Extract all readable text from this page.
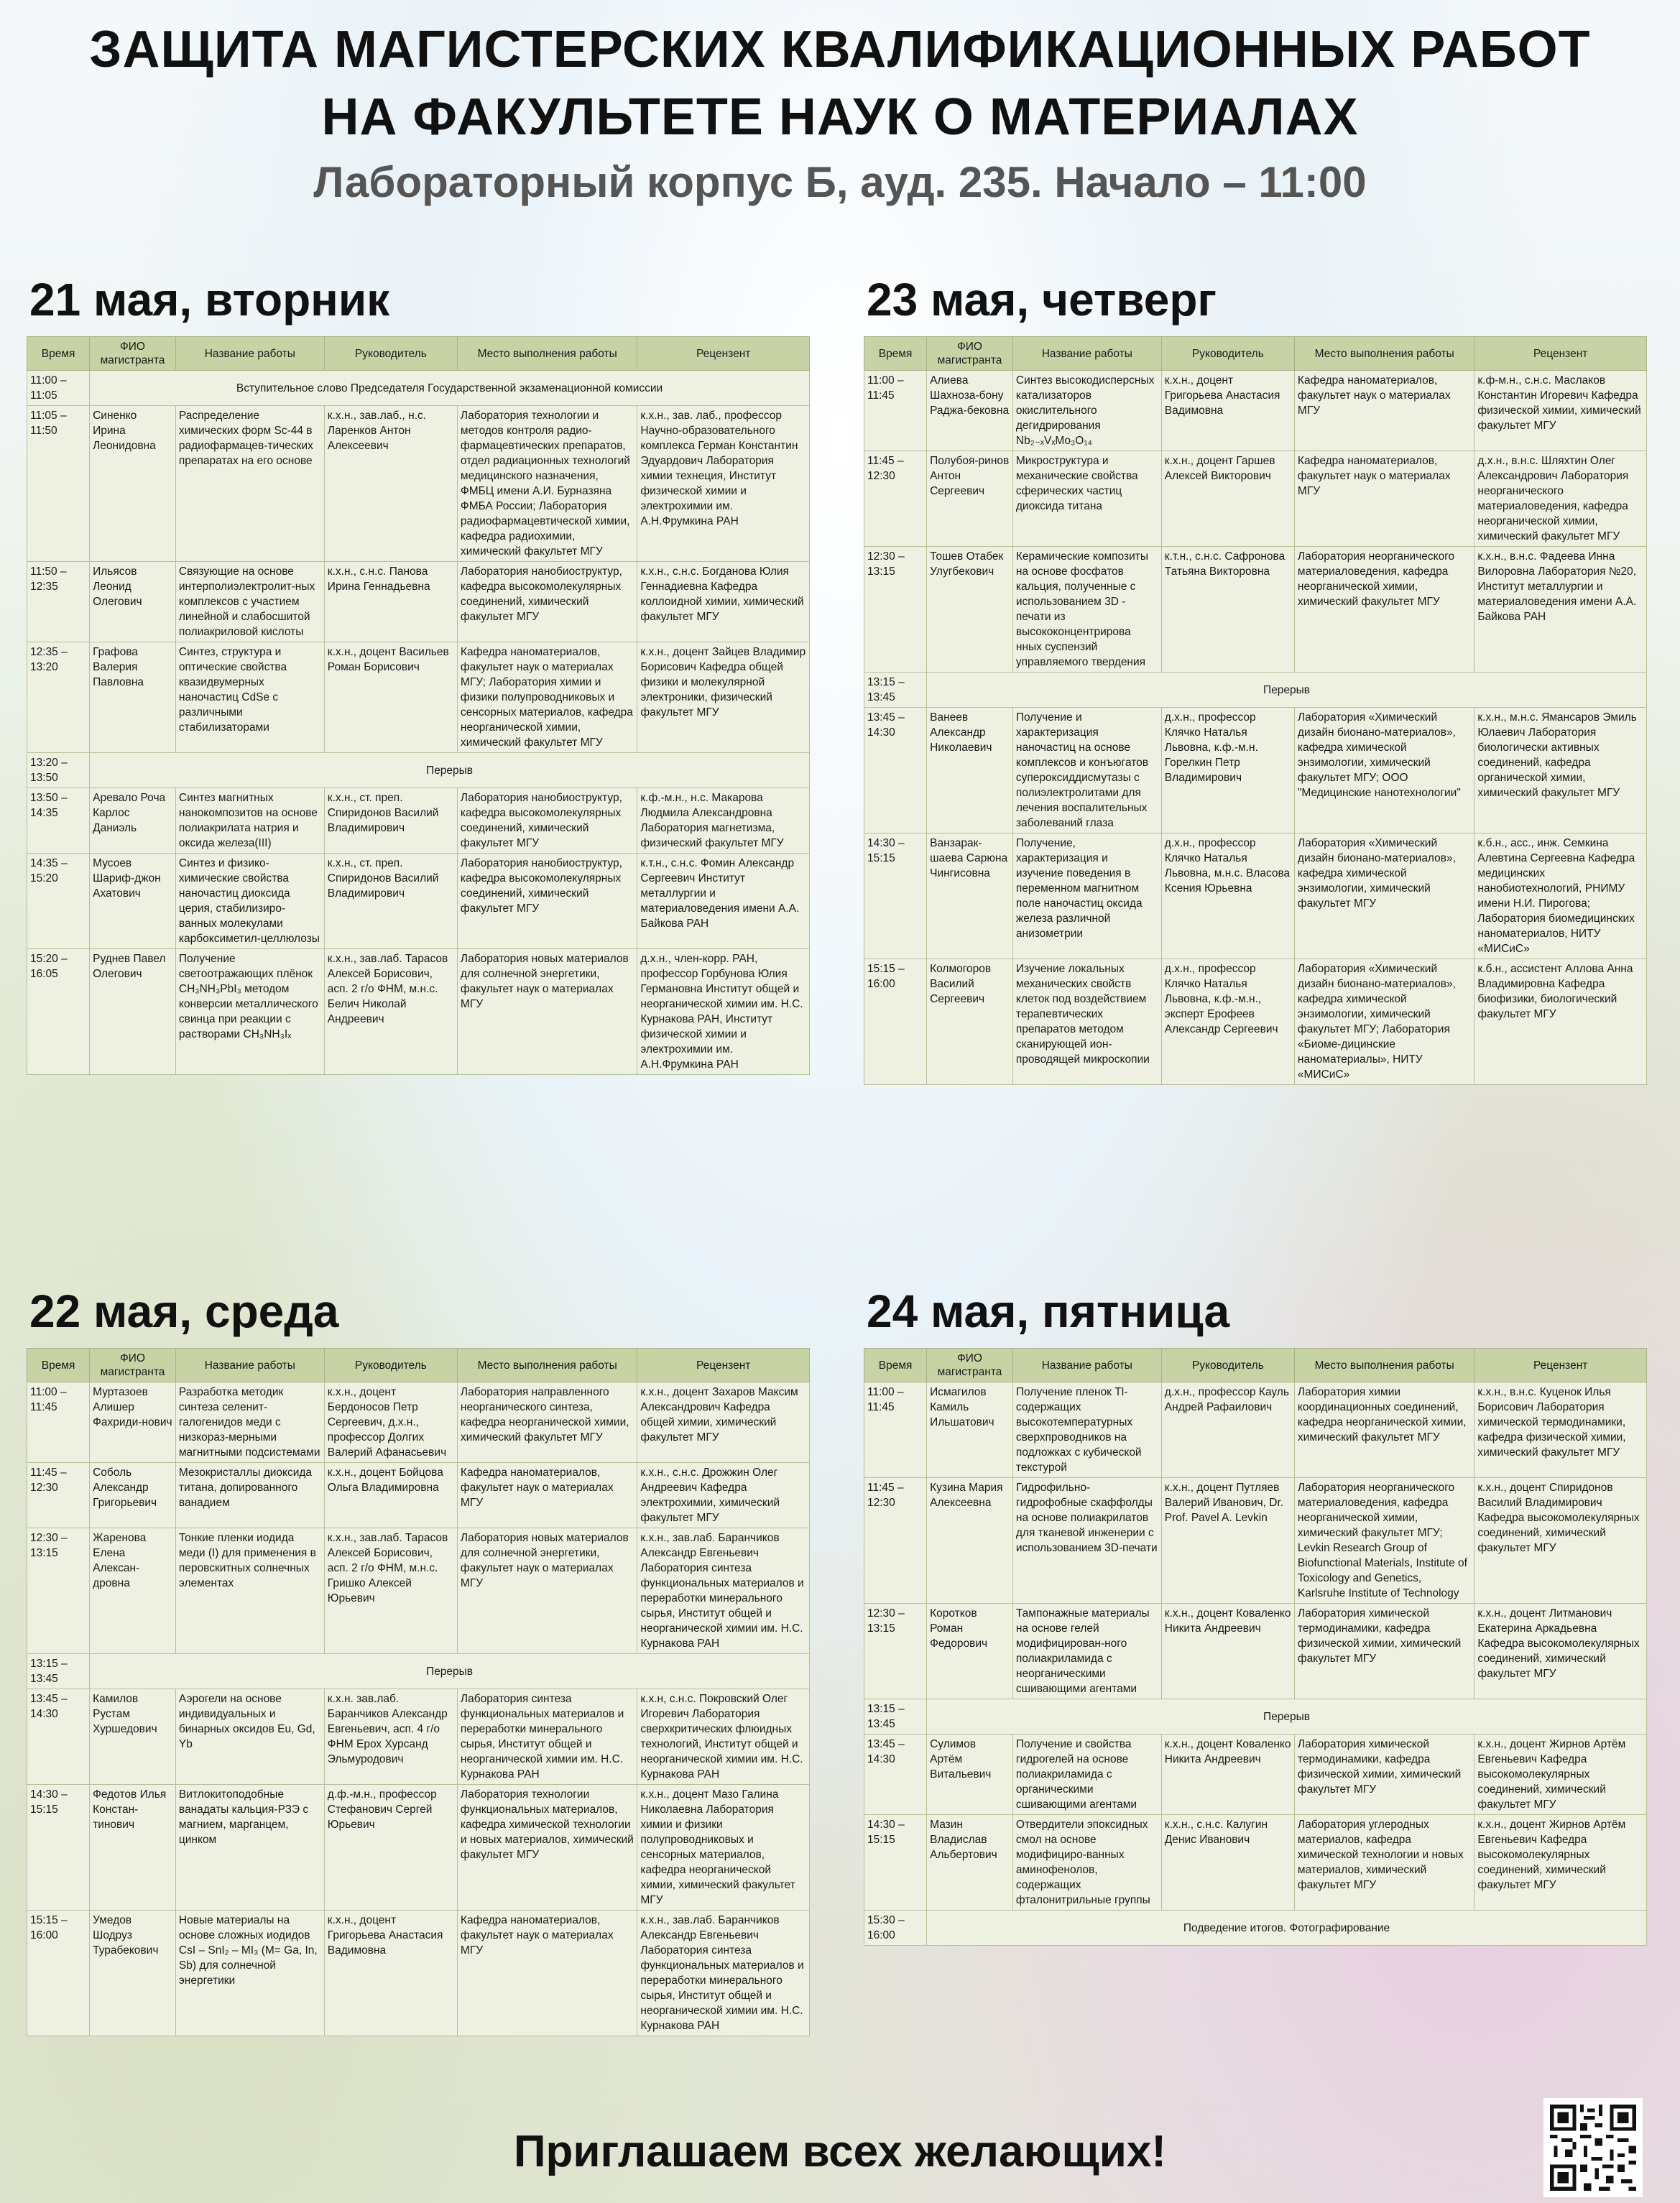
ЗАЩИТА МАГИСТЕРСКИХ КВАЛИФИКАЦИОННЫХ РАБОТ
НА ФАКУЛЬТЕТЕ НАУК О МАТЕРИАЛАХ
Лабораторный корпус Б, ауд. 235. Начало – 11:00
21 мая, вторник
Время	ФИО магистранта	Название работы	Руководитель	Место выполнения работы	Рецензент
11:00 – 11:05	Вступительное слово Председателя Государственной экзаменационной комиссии				
11:05 – 11:50	Синенко Ирина Леонидовна	Распределение химических форм Sc-44 в радиофармацев-тических препаратах на его основе	к.х.н., зав.лаб., н.с. Ларенков Антон Алексеевич	Лаборатория технологии и методов контроля радио-фармацевтических препаратов, отдел радиационных технологий медицинского назначения, ФМБЦ имени А.И. Бурназяна ФМБА России; Лаборатория радиофармацевтической химии, кафедра радиохимии, химический факультет МГУ	к.х.н., зав. лаб., профессор Научно-образовательного комплекса Герман Константин Эдуардович Лаборатория химии технеция, Институт физической химии и электрохимии им. А.Н.Фрумкина РАН
11:50 – 12:35	Ильясов Леонид Олегович	Связующие на основе интерполиэлектролит-ных комплексов с участием линейной и слабосшитой полиакриловой кислоты	к.х.н., с.н.с. Панова Ирина Геннадьевна	Лаборатория нанобиоструктур, кафедра высокомолекулярных соединений, химический факультет МГУ	к.х.н., с.н.с. Богданова Юлия Геннадиевна Кафедра коллоидной химии, химический факультет МГУ
12:35 – 13:20	Графова Валерия Павловна	Синтез, структура и оптические свойства квазидвумерных наночастиц CdSe с различными стабилизаторами	к.х.н., доцент Васильев Роман Борисович	Кафедра наноматериалов, факультет наук о материалах МГУ; Лаборатория химии и физики полупроводниковых и сенсорных материалов, кафедра неорганической химии, химический факультет МГУ	к.х.н., доцент Зайцев Владимир Борисович Кафедра общей физики и молекулярной электроники, физический факультет МГУ
13:20 – 13:50	Перерыв				
13:50 – 14:35	Аревало Роча Карлос Даниэль	Синтез магнитных нанокомпозитов на основе полиакрилата натрия и оксида железа(III)	к.х.н., ст. преп. Спиридонов Василий Владимирович	Лаборатория нанобиоструктур, кафедра высокомолекулярных соединений, химический факультет МГУ	к.ф.-м.н., н.с. Макарова Людмила Александровна Лаборатория магнетизма, физический факультет МГУ
14:35 – 15:20	Мусоев Шариф-джон Ахатович	Синтез и физико-химические свойства наночастиц диоксида церия, стабилизиро-ванных молекулами карбоксиметил-целлюлозы	к.х.н., ст. преп. Спиридонов Василий Владимирович	Лаборатория нанобиоструктур, кафедра высокомолекулярных соединений, химический факультет МГУ	к.т.н., с.н.с. Фомин Александр Сергеевич Институт металлургии и материаловедения имени А.А. Байкова РАН
15:20 – 16:05	Руднев Павел Олегович	Получение светоотражающих плёнок CH₃NH₃PbI₃ методом конверсии металлического свинца при реакции с растворами CH₃NH₃Iₓ	к.х.н., зав.лаб. Тарасов Алексей Борисович, асп. 2 г/о ФНМ, м.н.с. Белич Николай Андреевич	Лаборатория новых материалов для солнечной энергетики, факультет наук о материалах МГУ	д.х.н., член-корр. РАН, профессор Горбунова Юлия Германовна Институт общей и неорганической химии им. Н.С. Курнакова РАН, Институт физической химии и электрохимии им. А.Н.Фрумкина РАН
23 мая, четверг
Время	ФИО магистранта	Название работы	Руководитель	Место выполнения работы	Рецензент
11:00 – 11:45	Алиева Шахноза-бону Раджа-бековна	Синтез высокодисперсных катализаторов окислительного дегидрирования Nb₂₋ₓVₓMo₃O₁₄	к.х.н., доцент Григорьева Анастасия Вадимовна	Кафедра наноматериалов, факультет наук о материалах МГУ	к.ф-м.н., с.н.с. Маслаков Константин Игоревич Кафедра физической химии, химический факультет МГУ
11:45 – 12:30	Полубоя-ринов Антон Сергеевич	Микроструктура и механические свойства сферических частиц диоксида титана	к.х.н., доцент Гаршев Алексей Викторович	Кафедра наноматериалов, факультет наук о материалах МГУ	д.х.н., в.н.с. Шляхтин Олег Александрович Лаборатория неорганического материаловедения, кафедра неорганической химии, химический факультет МГУ
12:30 – 13:15	Тошев Отабек Улугбекович	Керамические композиты на основе фосфатов кальция, полученные с использованием 3D - печати из высококонцентрирова нных суспензий управляемого твердения	к.т.н., с.н.с. Сафронова Татьяна Викторовна	Лаборатория неорганического материаловедения, кафедра неорганической химии, химический факультет МГУ	к.х.н., в.н.с. Фадеева Инна Вилоровна Лаборатория №20, Институт металлургии и материаловедения имени А.А. Байкова РАН
13:15 – 13:45	Перерыв				
13:45 – 14:30	Ванеев Александр Николаевич	Получение и характеризация наночастиц на основе комплексов и конъюгатов супероксиддисмутазы с полиэлектролитами для лечения воспалительных заболеваний глаза	д.х.н., профессор Клячко Наталья Львовна, к.ф.-м.н. Горелкин Петр Владимирович	Лаборатория «Химический дизайн бионано-материалов», кафедра химической энзимологии, химический факультет МГУ; ООО "Медицинские нанотехнологии"	к.х.н., м.н.с. Ямансаров Эмиль Юлаевич Лаборатория биологически активных соединений, кафедра органической химии, химический факультет МГУ
14:30 – 15:15	Ванзарак-шаева Сарюна Чингисовна	Получение, характеризация и изучение поведения в переменном магнитном поле наночастиц оксида железа различной анизометрии	д.х.н., профессор Клячко Наталья Львовна, м.н.с. Власова Ксения Юрьевна	Лаборатория «Химический дизайн бионано-материалов», кафедра химической энзимологии, химический факультет МГУ	к.б.н., асс., инж. Семкина Алевтина Сергеевна Кафедра медицинских нанобиотехнологий, РНИМУ имени Н.И. Пирогова; Лаборатория биомедицинских наноматериалов, НИТУ «МИСиС»
15:15 – 16:00	Колмогоров Василий Сергеевич	Изучение локальных механических свойств клеток под воздействием терапевтических препаратов методом сканирующей ион-проводящей микроскопии	д.х.н., профессор Клячко Наталья Львовна, к.ф.-м.н., эксперт Ерофеев Александр Сергеевич	Лаборатория «Химический дизайн бионано-материалов», кафедра химической энзимологии, химический факультет МГУ; Лаборатория «Биоме-дицинские наноматериалы», НИТУ «МИСиС»	к.б.н., ассистент Аллова Анна Владимировна Кафедра биофизики, биологический факультет МГУ
22 мая, среда
Время	ФИО магистранта	Название работы	Руководитель	Место выполнения работы	Рецензент
11:00 – 11:45	Муртазоев Алишер Фахриди-нович	Разработка методик синтеза селенит-галогенидов меди с низкораз-мерными магнитными подсистемами	к.х.н., доцент Бердоносов Петр Сергеевич, д.х.н., профессор Долгих Валерий Афанасьевич	Лаборатория направленного неорганического синтеза, кафедра неорганической химии, химический факультет МГУ	к.х.н., доцент Захаров Максим Александрович Кафедра общей химии, химический факультет МГУ
11:45 – 12:30	Соболь Александр Григорьевич	Мезокристаллы диоксида титана, допированного ванадием	к.х.н., доцент Бойцова Ольга Владимировна	Кафедра наноматериалов, факультет наук о материалах МГУ	к.х.н., с.н.с. Дрожжин Олег Андреевич Кафедра электрохимии, химический факультет МГУ
12:30 – 13:15	Жаренова Елена Алексан-дровна	Тонкие пленки иодида меди (I) для применения в перовскитных солнечных элементах	к.х.н., зав.лаб. Тарасов Алексей Борисович, асп. 2 г/о ФНМ, м.н.с. Гришко Алексей Юрьевич	Лаборатория новых материалов для солнечной энергетики, факультет наук о материалах МГУ	к.х.н., зав.лаб. Баранчиков Александр Евгеньевич Лаборатория синтеза функциональных материалов и переработки минерального сырья, Институт общей и неорганической химии им. Н.С. Курнакова РАН
13:15 – 13:45	Перерыв				
13:45 – 14:30	Камилов Рустам Хуршедович	Аэрогели на основе индивидуальных и бинарных оксидов Eu, Gd, Yb	к.х.н. зав.лаб. Баранчиков Александр Евгеньевич, асп. 4 г/о ФНМ Ерох Хурсанд Эльмуродович	Лаборатория синтеза функциональных материалов и переработки минерального сырья, Институт общей и неорганической химии им. Н.С. Курнакова РАН	к.х.н, с.н.с. Покровский Олег Игоревич Лаборатория сверхкритических флюидных технологий, Институт общей и неорганической химии им. Н.С. Курнакова РАН
14:30 – 15:15	Федотов Илья Констан-тинович	Витлокитоподобные ванадаты кальция-РЗЭ с магнием, марганцем, цинком	д.ф.-м.н., профессор Стефанович Сергей Юрьевич	Лаборатория технологии функциональных материалов, кафедра химической технологии и новых материалов, химический факультет МГУ	к.х.н., доцент Мазо Галина Николаевна Лаборатория химии и физики полупроводниковых и сенсорных материалов, кафедра неорганической химии, химический факультет МГУ
15:15 – 16:00	Умедов Шодруз Турабекович	Новые материалы на основе сложных иодидов CsI – SnI₂ – MI₃ (M= Ga, In, Sb) для солнечной энергетики	к.х.н., доцент Григорьева Анастасия Вадимовна	Кафедра наноматериалов, факультет наук о материалах МГУ	к.х.н., зав.лаб. Баранчиков Александр Евгеньевич Лаборатория синтеза функциональных материалов и переработки минерального сырья, Институт общей и неорганической химии им. Н.С. Курнакова РАН
24 мая, пятница
Время	ФИО магистранта	Название работы	Руководитель	Место выполнения работы	Рецензент
11:00 – 11:45	Исмагилов Камиль Ильшатович	Получение пленок Tl-содержащих высокотемпературных сверхпроводников на подложках с кубической текстурой	д.х.н., профессор Кауль Андрей Рафаилович	Лаборатория химии координационных соединений, кафедра неорганической химии, химический факультет МГУ	к.х.н., в.н.с. Куценок Илья Борисович Лаборатория химической термодинамики, кафедра физической химии, химический факультет МГУ
11:45 – 12:30	Кузина Мария Алексеевна	Гидрофильно-гидрофобные скаффолды на основе полиакрилатов для тканевой инженерии с использованием 3D-печати	к.х.н., доцент Путляев Валерий Иванович, Dr. Prof. Pavel A. Levkin	Лаборатория неорганического материаловедения, кафедра неорганической химии, химический факультет МГУ; Levkin Research Group of Biofunctional Materials, Institute of Toxicology and Genetics, Karlsruhe Institute of Technology	к.х.н., доцент Спиридонов Василий Владимирович Кафедра высокомолекулярных соединений, химический факультет МГУ
12:30 – 13:15	Коротков Роман Федорович	Тампонажные материалы на основе гелей модифицирован-ного полиакриламида с неорганическими сшивающими агентами	к.х.н., доцент Коваленко Никита Андреевич	Лаборатория химической термодинамики, кафедра физической химии, химический факультет МГУ	к.х.н., доцент Литманович Екатерина Аркадьевна Кафедра высокомолекулярных соединений, химический факультет МГУ
13:15 – 13:45	Перерыв				
13:45 – 14:30	Сулимов Артём Витальевич	Получение и свойства гидрогелей на основе полиакриламида с органическими сшивающими агентами	к.х.н., доцент Коваленко Никита Андреевич	Лаборатория химической термодинамики, кафедра физической химии, химический факультет МГУ	к.х.н., доцент Жирнов Артём Евгеньевич Кафедра высокомолекулярных соединений, химический факультет МГУ
14:30 – 15:15	Мазин Владислав Альбертович	Отвердители эпоксидных смол на основе модифициро-ванных аминофенолов, содержащих фталонитрильные группы	к.х.н., с.н.с. Калугин Денис Иванович	Лаборатория углеродных материалов, кафедра химической технологии и новых материалов, химический факультет МГУ	к.х.н., доцент Жирнов Артём Евгеньевич Кафедра высокомолекулярных соединений, химический факультет МГУ
15:30 – 16:00	Подведение итогов. Фотографирование				
Приглашаем всех желающих!
